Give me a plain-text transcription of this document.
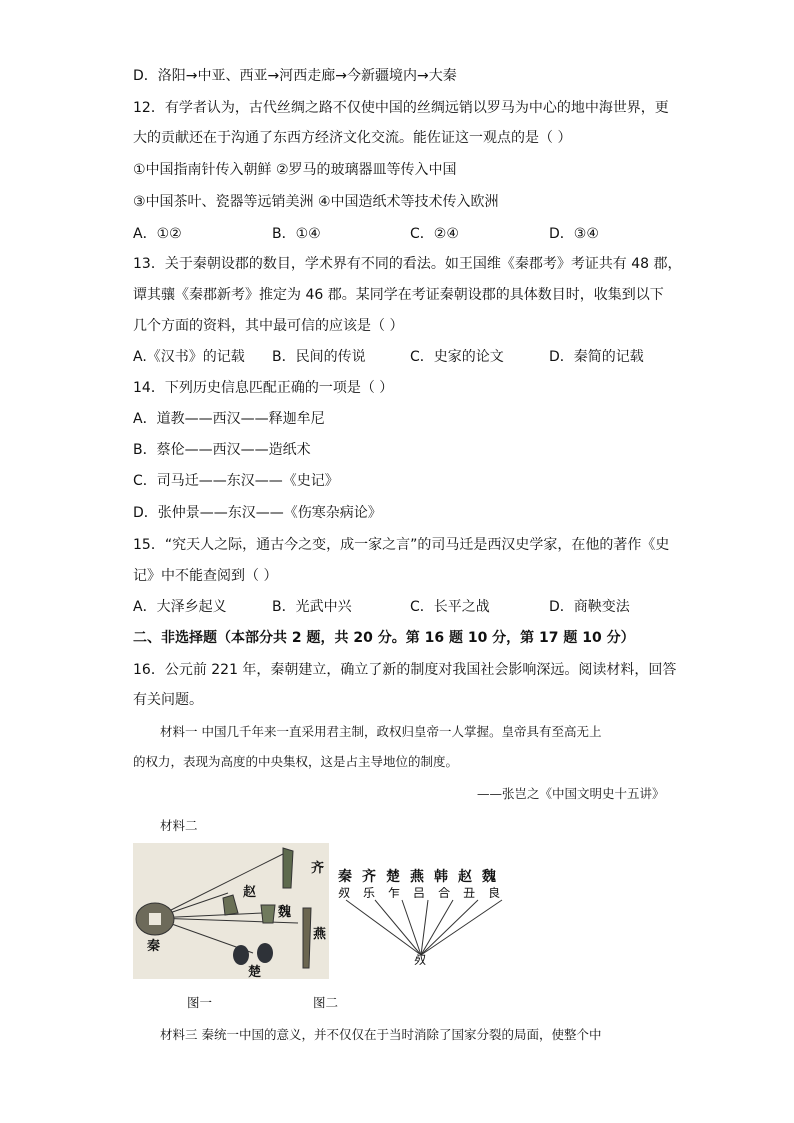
D．洛阳→中亚、西亚→河西走廊→今新疆境内→大秦
12．有学者认为，古代丝绸之路不仅使中国的丝绸远销以罗马为中心的地中海世界，更
大的贡献还在于沟通了东西方经济文化交流。能佐证这一观点的是（ ）
①中国指南针传入朝鲜 ②罗马的玻璃器皿等传入中国
③中国茶叶、瓷器等远销美洲 ④中国造纸术等技术传入欧洲
A．①②	B．①④	C．②④	D．③④
13．关于秦朝设郡的数目，学术界有不同的看法。如王国维《秦郡考》考证共有 48 郡，
谭其骧《秦郡新考》推定为 46 郡。某同学在考证秦朝设郡的具体数目时，收集到以下
几个方面的资料，其中最可信的应该是（ ）
A.《汉书》的记载 B．民间的传说	C．史家的论文	D．秦简的记载
14．下列历史信息匹配正确的一项是（ ）
A．道教——西汉——释迦牟尼
B．蔡伦——西汉——造纸术
C．司马迁——东汉——《史记》
D．张仲景——东汉——《伤寒杂病论》
15．“究天人之际，通古今之变，成一家之言”的司马迁是西汉史学家，在他的著作《史
记》中不能查阅到（ ）
A．大泽乡起义	B．光武中兴	C．长平之战	D．商鞅变法
二、非选择题（本部分共 2 题，共 20 分。第 16 题 10 分，第 17 题 10 分）
16．公元前 221 年，秦朝建立，确立了新的制度对我国社会影响深远。阅读材料，回答
有关问题。
材料一 中国几千年来一直采用君主制，政权归皇帝一人掌握。皇帝具有至高无上
的权力，表现为高度的中央集权，这是占主导地位的制度。
——张岂之《中国文明史十五讲》
材料二
齐
赵
魏
秦
燕
楚
秦齐楚燕韩赵魏
𣦼乐乍吕合丑良
𣦼
图一	图二
材料三 秦统一中国的意义，并不仅仅在于当时消除了国家分裂的局面，使整个中
